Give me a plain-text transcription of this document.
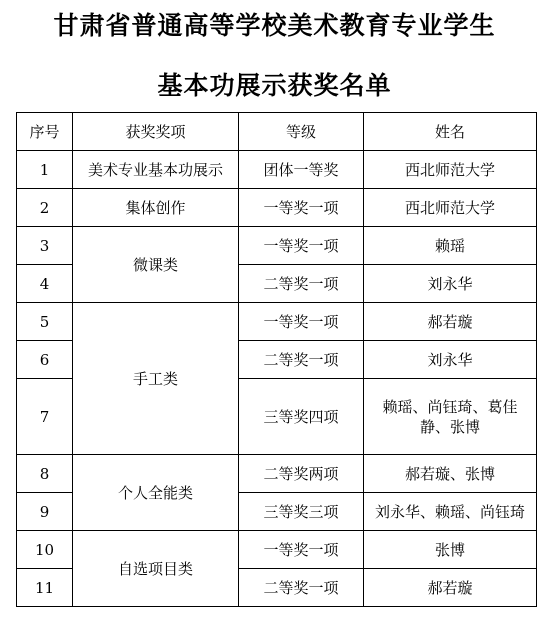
甘肃省普通高等学校美术教育专业学生
基本功展示获奖名单
序号	获奖奖项	等级	姓名
1	美术专业基本功展示	团体一等奖	西北师范大学
2	集体创作	一等奖一项	西北师范大学
3	微课类	一等奖一项	赖瑶
4		二等奖一项	刘永华
5	手工类	一等奖一项	郝若璇
6		二等奖一项	刘永华
7		三等奖四项	赖瑶、尚钰琦、葛佳静、张博
8	个人全能类	二等奖两项	郝若璇、张博
9		三等奖三项	刘永华、赖瑶、尚钰琦
10	自选项目类	一等奖一项	张博
11		二等奖一项	郝若璇
